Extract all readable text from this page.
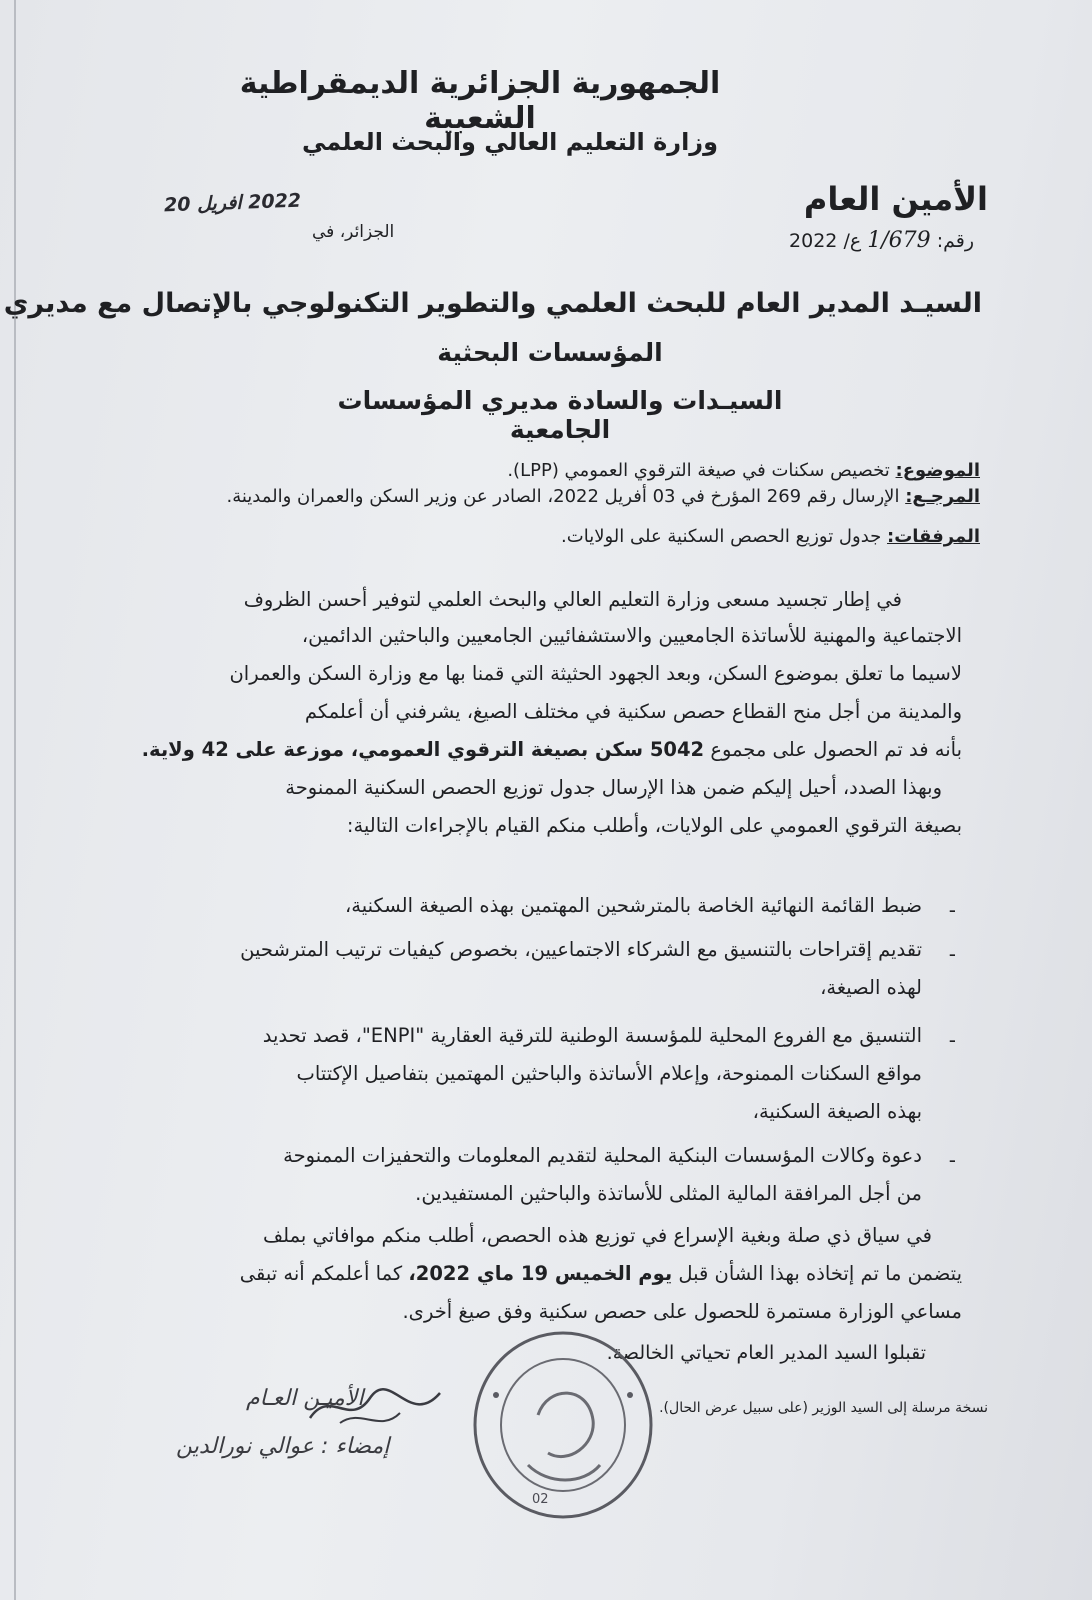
الجمهورية الجزائرية الديمقراطية الشعبية
وزارة التعليم العالي والبحث العلمي
الأمين العام
رقم: 1/679 ع/ 2022
الجزائر، في
2022 افريل 20
السيـد المدير العام للبحث العلمي والتطوير التكنولوجي بالإتصال مع مديري
المؤسسات البحثية
السيـدات والسادة مديري المؤسسات الجامعية
الموضوع: تخصيص سكنات في صيغة الترقوي العمومي (LPP).
المرجـع: الإرسال رقم 269 المؤرخ في 03 أفريل 2022، الصادر عن وزير السكن والعمران والمدينة.
المرفقات: جدول توزيع الحصص السكنية على الولايات.
في إطار تجسيد مسعى وزارة التعليم العالي والبحث العلمي لتوفير أحسن الظروف
الاجتماعية والمهنية للأساتذة الجامعيين والاستشفائيين الجامعيين والباحثين الدائمين،
لاسيما ما تعلق بموضوع السكن، وبعد الجهود الحثيثة التي قمنا بها مع وزارة السكن والعمران
والمدينة من أجل منح القطاع حصص سكنية في مختلف الصيغ، يشرفني أن أعلمكم
بأنه فد تم الحصول على مجموع 5042 سكن بصيغة الترقوي العمومي، موزعة على 42 ولاية.
وبهذا الصدد، أحيل إليكم ضمن هذا الإرسال جدول توزيع الحصص السكنية الممنوحة
بصيغة الترقوي العمومي على الولايات، وأطلب منكم القيام بالإجراءات التالية:
-
ضبط القائمة النهائية الخاصة بالمترشحين المهتمين بهذه الصيغة السكنية،
-
تقديم إقتراحات بالتنسيق مع الشركاء الاجتماعيين، بخصوص كيفيات ترتيب المترشحين
لهذه الصيغة،
-
التنسيق مع الفروع المحلية للمؤسسة الوطنية للترقية العقارية "ENPI"، قصد تحديد
مواقع السكنات الممنوحة، وإعلام الأساتذة والباحثين المهتمين بتفاصيل الإكتتاب
بهذه الصيغة السكنية،
-
دعوة وكالات المؤسسات البنكية المحلية لتقديم المعلومات والتحفيزات الممنوحة
من أجل المرافقة المالية المثلى للأساتذة والباحثين المستفيدين.
في سياق ذي صلة وبغية الإسراع في توزيع هذه الحصص، أطلب منكم موافاتي بملف
يتضمن ما تم إتخاذه بهذا الشأن قبل يوم الخميس 19 ماي 2022، كما أعلمكم أنه تبقى
مساعي الوزارة مستمرة للحصول على حصص سكنية وفق صيغ أخرى.
تقبلوا السيد المدير العام تحياتي الخالصة.
نسخة مرسلة إلى السيد الوزير (على سبيل عرض الحال).
02
الأميـن العـام
إمضاء : عوالي نورالدين
